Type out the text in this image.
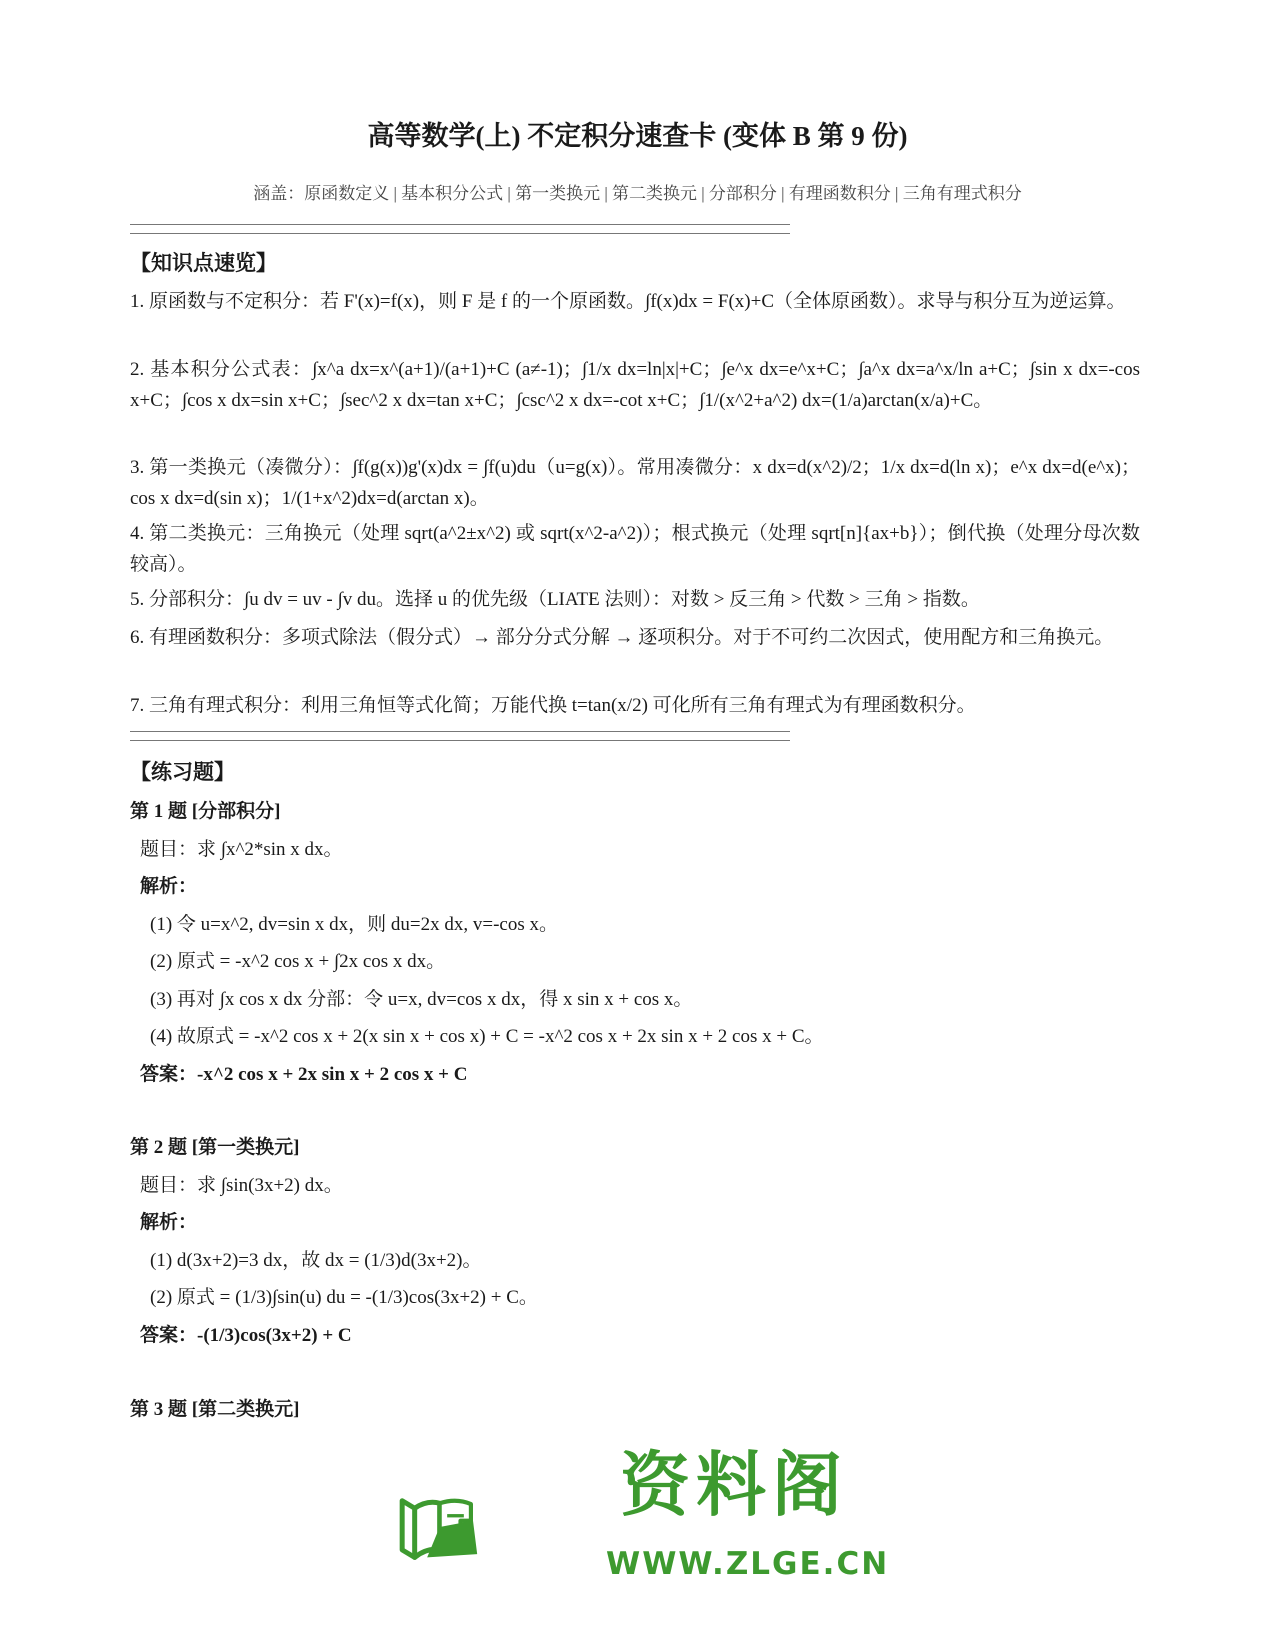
高等数学(上) 不定积分速查卡 (变体 B 第 9 份)
涵盖：原函数定义 | 基本积分公式 | 第一类换元 | 第二类换元 | 分部积分 | 有理函数积分 | 三角有理式积分
【知识点速览】
1. 原函数与不定积分：若 F'(x)=f(x)，则 F 是 f 的一个原函数。∫f(x)dx = F(x)+C（全体原函数）。求导与积分互为逆运算。
2. 基本积分公式表：∫x^a dx=x^(a+1)/(a+1)+C (a≠-1)；∫1/x dx=ln|x|+C；∫e^x dx=e^x+C；∫a^x dx=a^x/ln a+C；∫sin x dx=-cos x+C；∫cos x dx=sin x+C；∫sec^2 x dx=tan x+C；∫csc^2 x dx=-cot x+C；∫1/(x^2+a^2) dx=(1/a)arctan(x/a)+C。
3. 第一类换元（凑微分）：∫f(g(x))g'(x)dx = ∫f(u)du（u=g(x)）。常用凑微分：x dx=d(x^2)/2；1/x dx=d(ln x)；e^x dx=d(e^x)；cos x dx=d(sin x)；1/(1+x^2)dx=d(arctan x)。
4. 第二类换元：三角换元（处理 sqrt(a^2±x^2) 或 sqrt(x^2-a^2)）；根式换元（处理 sqrt[n]{ax+b}）；倒代换（处理分母次数较高）。
5. 分部积分：∫u dv = uv - ∫v du。选择 u 的优先级（LIATE 法则）：对数 > 反三角 > 代数 > 三角 > 指数。
6. 有理函数积分：多项式除法（假分式）→ 部分分式分解 → 逐项积分。对于不可约二次因式，使用配方和三角换元。
7. 三角有理式积分：利用三角恒等式化简；万能代换 t=tan(x/2) 可化所有三角有理式为有理函数积分。
【练习题】
第 1 题 [分部积分]
题目：求 ∫x^2*sin x dx。
解析：
(1) 令 u=x^2, dv=sin x dx，则 du=2x dx, v=-cos x。
(2) 原式 = -x^2 cos x + ∫2x cos x dx。
(3) 再对 ∫x cos x dx 分部：令 u=x, dv=cos x dx，得 x sin x + cos x。
(4) 故原式 = -x^2 cos x + 2(x sin x + cos x) + C = -x^2 cos x + 2x sin x + 2 cos x + C。
答案：-x^2 cos x + 2x sin x + 2 cos x + C
第 2 题 [第一类换元]
题目：求 ∫sin(3x+2) dx。
解析：
(1) d(3x+2)=3 dx，故 dx = (1/3)d(3x+2)。
(2) 原式 = (1/3)∫sin(u) du = -(1/3)cos(3x+2) + C。
答案：-(1/3)cos(3x+2) + C
第 3 题 [第二类换元]
资料阁
WWW.ZLGE.CN
